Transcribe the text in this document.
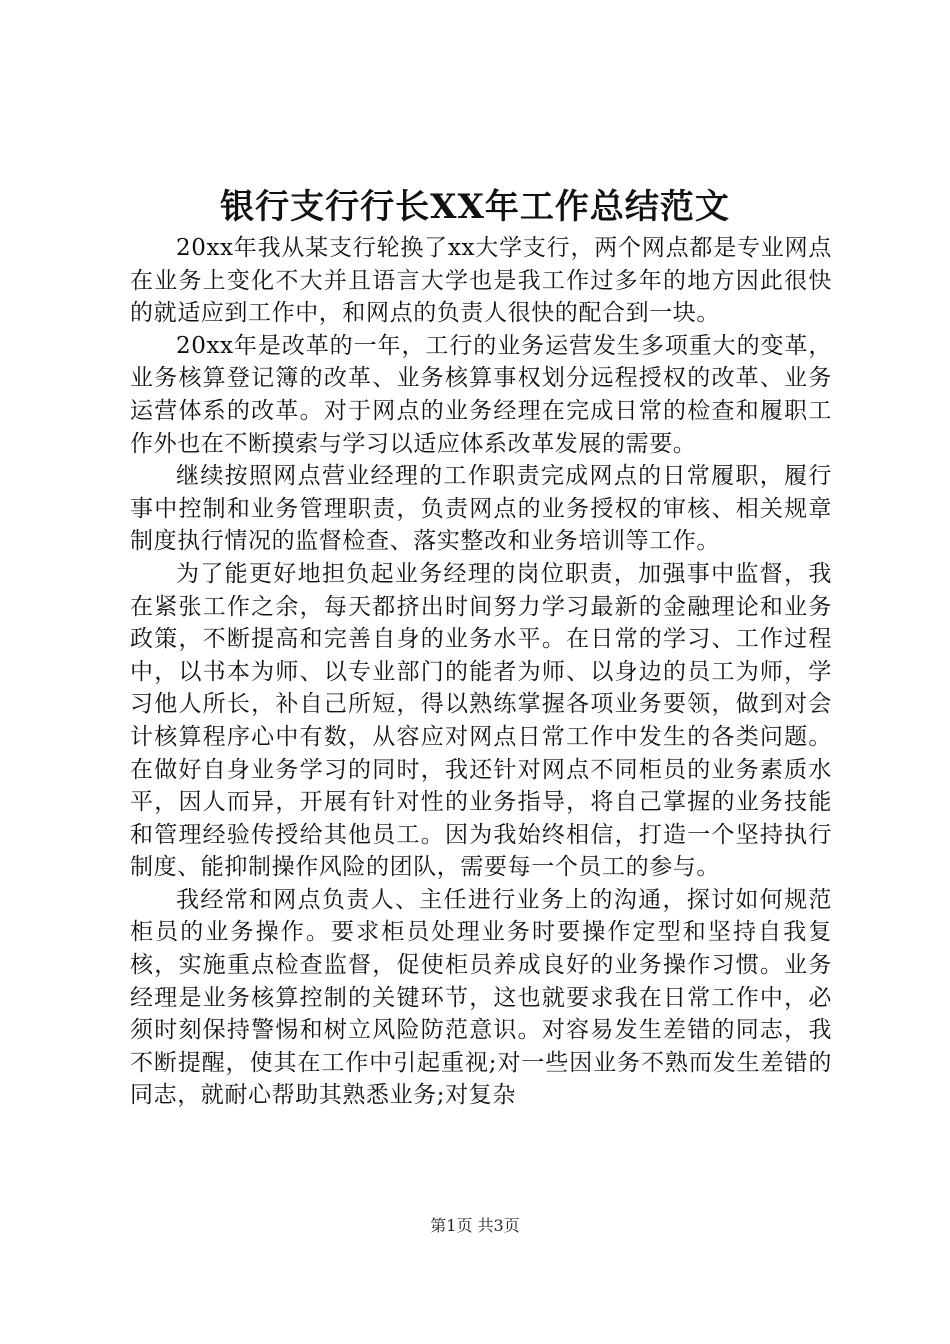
银行支行行长XX年工作总结范文

20xx年我从某支行轮换了xx大学支行，两个网点都是专业网点在业务上变化不大并且语言大学也是我工作过多年的地方因此很快的就适应到工作中，和网点的负责人很快的配合到一块。

20xx年是改革的一年，工行的业务运营发生多项重大的变革，业务核算登记簿的改革、业务核算事权划分远程授权的改革、业务运营体系的改革。对于网点的业务经理在完成日常的检查和履职工作外也在不断摸索与学习以适应体系改革发展的需要。

继续按照网点营业经理的工作职责完成网点的日常履职，履行事中控制和业务管理职责，负责网点的业务授权的审核、相关规章制度执行情况的监督检查、落实整改和业务培训等工作。

为了能更好地担负起业务经理的岗位职责，加强事中监督，我在紧张工作之余，每天都挤出时间努力学习最新的金融理论和业务政策，不断提高和完善自身的业务水平。在日常的学习、工作过程中，以书本为师、以专业部门的能者为师、以身边的员工为师，学习他人所长，补自己所短，得以熟练掌握各项业务要领，做到对会计核算程序心中有数，从容应对网点日常工作中发生的各类问题。在做好自身业务学习的同时，我还针对网点不同柜员的业务素质水平，因人而异，开展有针对性的业务指导，将自己掌握的业务技能和管理经验传授给其他员工。因为我始终相信，打造一个坚持执行制度、能抑制操作风险的团队，需要每一个员工的参与。

我经常和网点负责人、主任进行业务上的沟通，探讨如何规范柜员的业务操作。要求柜员处理业务时要操作定型和坚持自我复核，实施重点检查监督，促使柜员养成良好的业务操作习惯。业务经理是业务核算控制的关键环节，这也就要求我在日常工作中，必须时刻保持警惕和树立风险防范意识。对容易发生差错的同志，我不断提醒，使其在工作中引起重视;对一些因业务不熟而发生差错的同志，就耐心帮助其熟悉业务;对复杂

第1页 共3页
